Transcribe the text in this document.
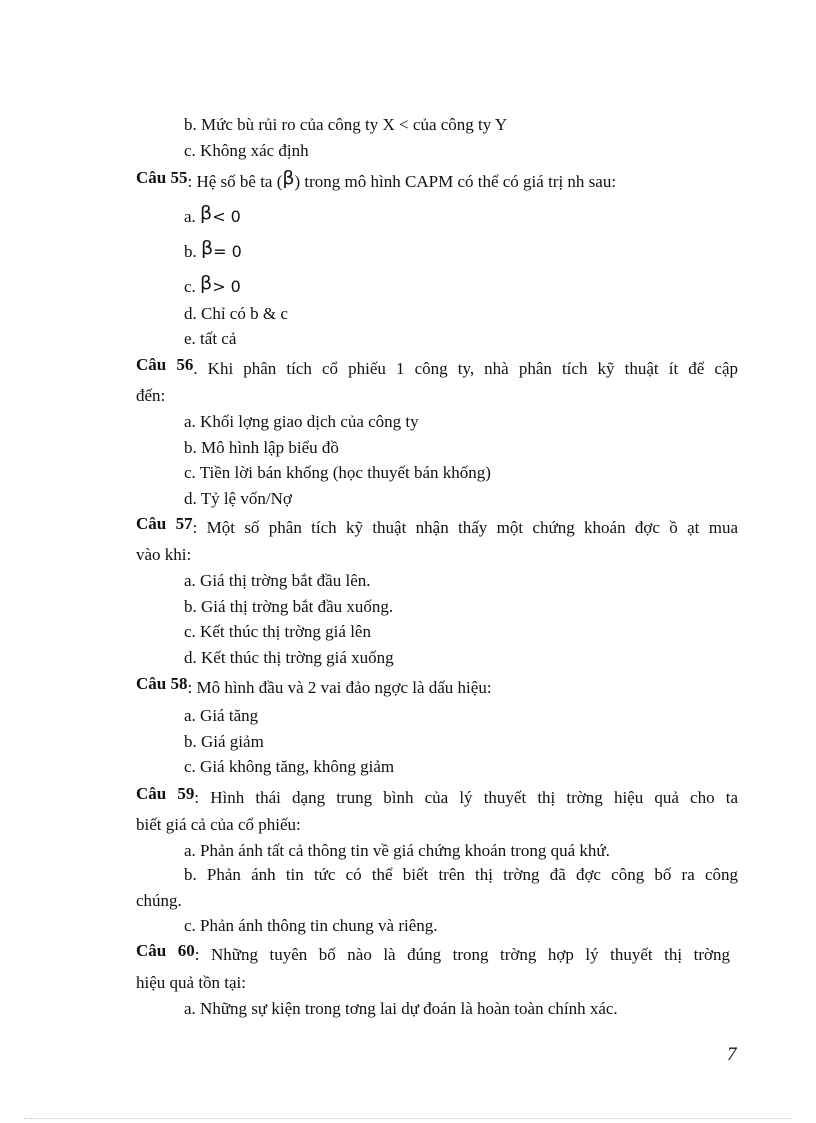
b. Mức bù rủi ro của công ty X < của công ty Y
c. Không xác định
Câu 55: Hệ số bê ta (β) trong mô hình CAPM có thể có giá trị nh sau:
a. β< 0
b. β= 0
c. β> 0
d. Chỉ có b & c
e. tất cả
Câu 56. Khi phân tích cổ phiếu 1 công ty, nhà phân tích kỹ thuật ít để cập
đến:
a. Khối lợng giao dịch của công ty
b. Mô hình lập biểu đồ
c. Tiền lời bán khống (học thuyết bán khống)
d. Tỷ lệ vốn/Nợ
Câu 57: Một số phân tích kỹ thuật nhận thấy một chứng khoán đợc ồ ạt mua
vào khi:
a. Giá thị trờng bắt đầu lên.
b. Giá thị trờng bắt đầu xuống.
c. Kết thúc thị trờng giá lên
d. Kết thúc thị trờng giá xuống
Câu 58: Mô hình đầu và 2 vai đảo ngợc là dấu hiệu:
a. Giá tăng
b. Giá giảm
c. Giá không tăng, không giảm
Câu 59: Hình thái dạng trung bình của lý thuyết thị trờng hiệu quả cho ta
biết giá cả của cổ phiếu:
a. Phản ánh tất cả thông tin về giá chứng khoán trong quá khứ.
b. Phản ánh tin tức có thể biết trên thị trờng đã đợc công bố ra công
chúng.
c. Phản ánh thông tin chung và riêng.
Câu 60: Những tuyên bố nào là đúng trong trờng hợp lý thuyết thị trờng
hiệu quả tồn tại:
a. Những sự kiện trong tơng lai dự đoán là hoàn toàn chính xác.
7
